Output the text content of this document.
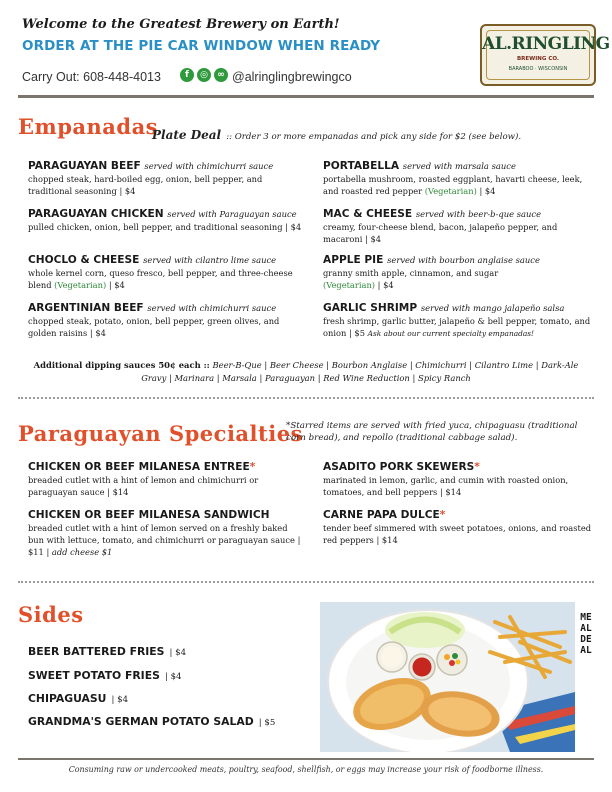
Welcome to the Greatest Brewery on Earth!
ORDER AT THE PIE CAR WINDOW WHEN READY
Carry Out: 608-448-4013	f	◎	∞ @alringlingbrewingco
AL.RINGLING
BREWING CO.
BARABOO · WISCONSIN
Empanadas
Plate Deal :: Order 3 or more empanadas and pick any side for $2 (see below).
PARAGUAYAN BEEF served with chimichurri sauce
chopped steak, hard-boiled egg, onion, bell pepper, and traditional seasoning | $4
PARAGUAYAN CHICKEN served with Paraguayan sauce
pulled chicken, onion, bell pepper, and traditional seasoning | $4
CHOCLO & CHEESE served with cilantro lime sauce
whole kernel corn, queso fresco, bell pepper, and three-cheese blend (Vegetarian) | $4
ARGENTINIAN BEEF served with chimichurri sauce
chopped steak, potato, onion, bell pepper, green olives, and golden raisins | $4
PORTABELLA served with marsala sauce
portabella mushroom, roasted eggplant, havarti cheese, leek, and roasted red pepper (Vegetarian) | $4
MAC & CHEESE served with beer-b-que sauce
creamy, four-cheese blend, bacon, jalapeño pepper, and macaroni | $4
APPLE PIE served with bourbon anglaise sauce
granny smith apple, cinnamon, and sugar
(Vegetarian) | $4
GARLIC SHRIMP served with mango jalapeño salsa
fresh shrimp, garlic butter, jalapeño & bell pepper, tomato, and onion | $5 Ask about our current specialty empanadas!
Additional dipping sauces 50¢ each :: Beer-B-Que | Beer Cheese | Bourbon Anglaise | Chimichurri | Cilantro Lime | Dark-Ale Gravy | Marinara | Marsala | Paraguayan | Red Wine Reduction | Spicy Ranch
Paraguayan Specialties
*Starred items are served with fried yuca, chipaguasu (traditional corn bread), and repollo (traditional cabbage salad).
CHICKEN OR BEEF MILANESA ENTREE*
breaded cutlet with a hint of lemon and chimichurri or paraguayan sauce | $14
CHICKEN OR BEEF MILANESA SANDWICH
breaded cutlet with a hint of lemon served on a freshly baked bun with lettuce, tomato, and chimichurri or paraguayan sauce | $11 | add cheese $1
ASADITO PORK SKEWERS*
marinated in lemon, garlic, and cumin with roasted onion, tomatoes, and bell peppers | $14
CARNE PAPA DULCE*
tender beef simmered with sweet potatoes, onions, and roasted red peppers | $14
Sides
BEER BATTERED FRIES | $4
SWEET POTATO FRIES | $4
CHIPAGUASU | $4
GRANDMA'S GERMAN POTATO SALAD | $5
MEAL DEAL
Consuming raw or undercooked meats, poultry, seafood, shellfish, or eggs may increase your risk of foodborne illness.
